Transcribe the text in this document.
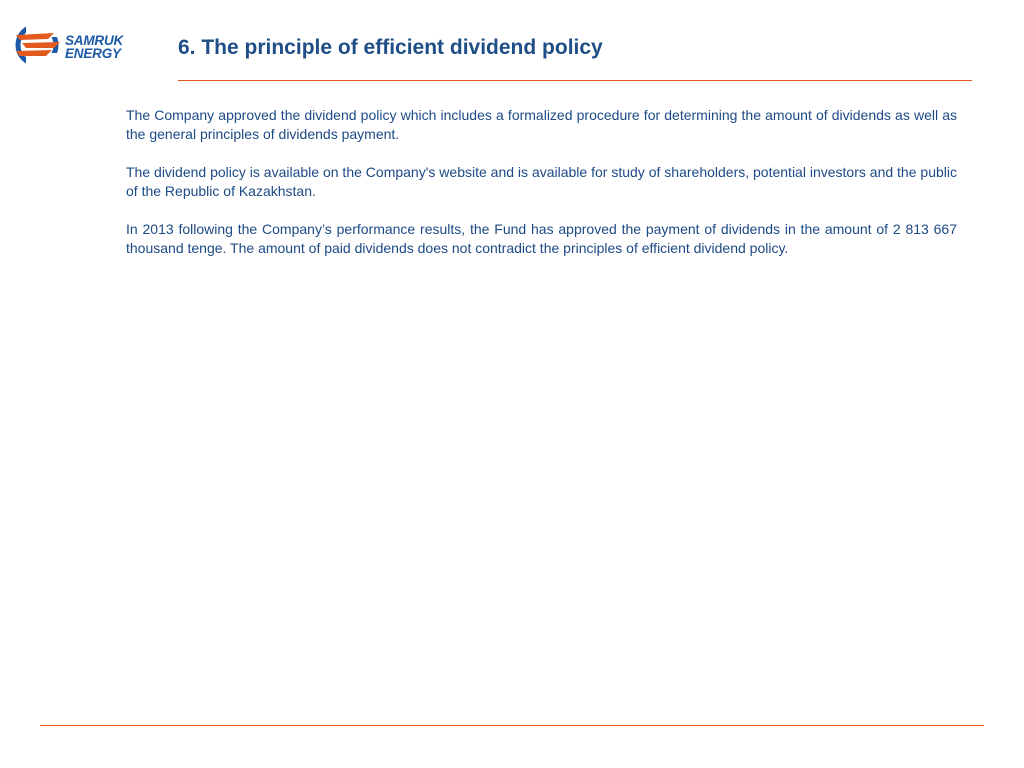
SAMRUK
ENERGY	6. The principle of efficient dividend policy

The Company approved the dividend policy which includes a formalized procedure for determining the amount of dividends as well as the general principles of dividends payment.

The dividend policy is available on the Company's website and is available for study of shareholders, potential investors and the public of the Republic of Kazakhstan.

In 2013 following the Company’s performance results, the Fund has approved the payment of dividends in the amount of 2 813 667 thousand tenge. The amount of paid dividends does not contradict the principles of efficient dividend policy.
